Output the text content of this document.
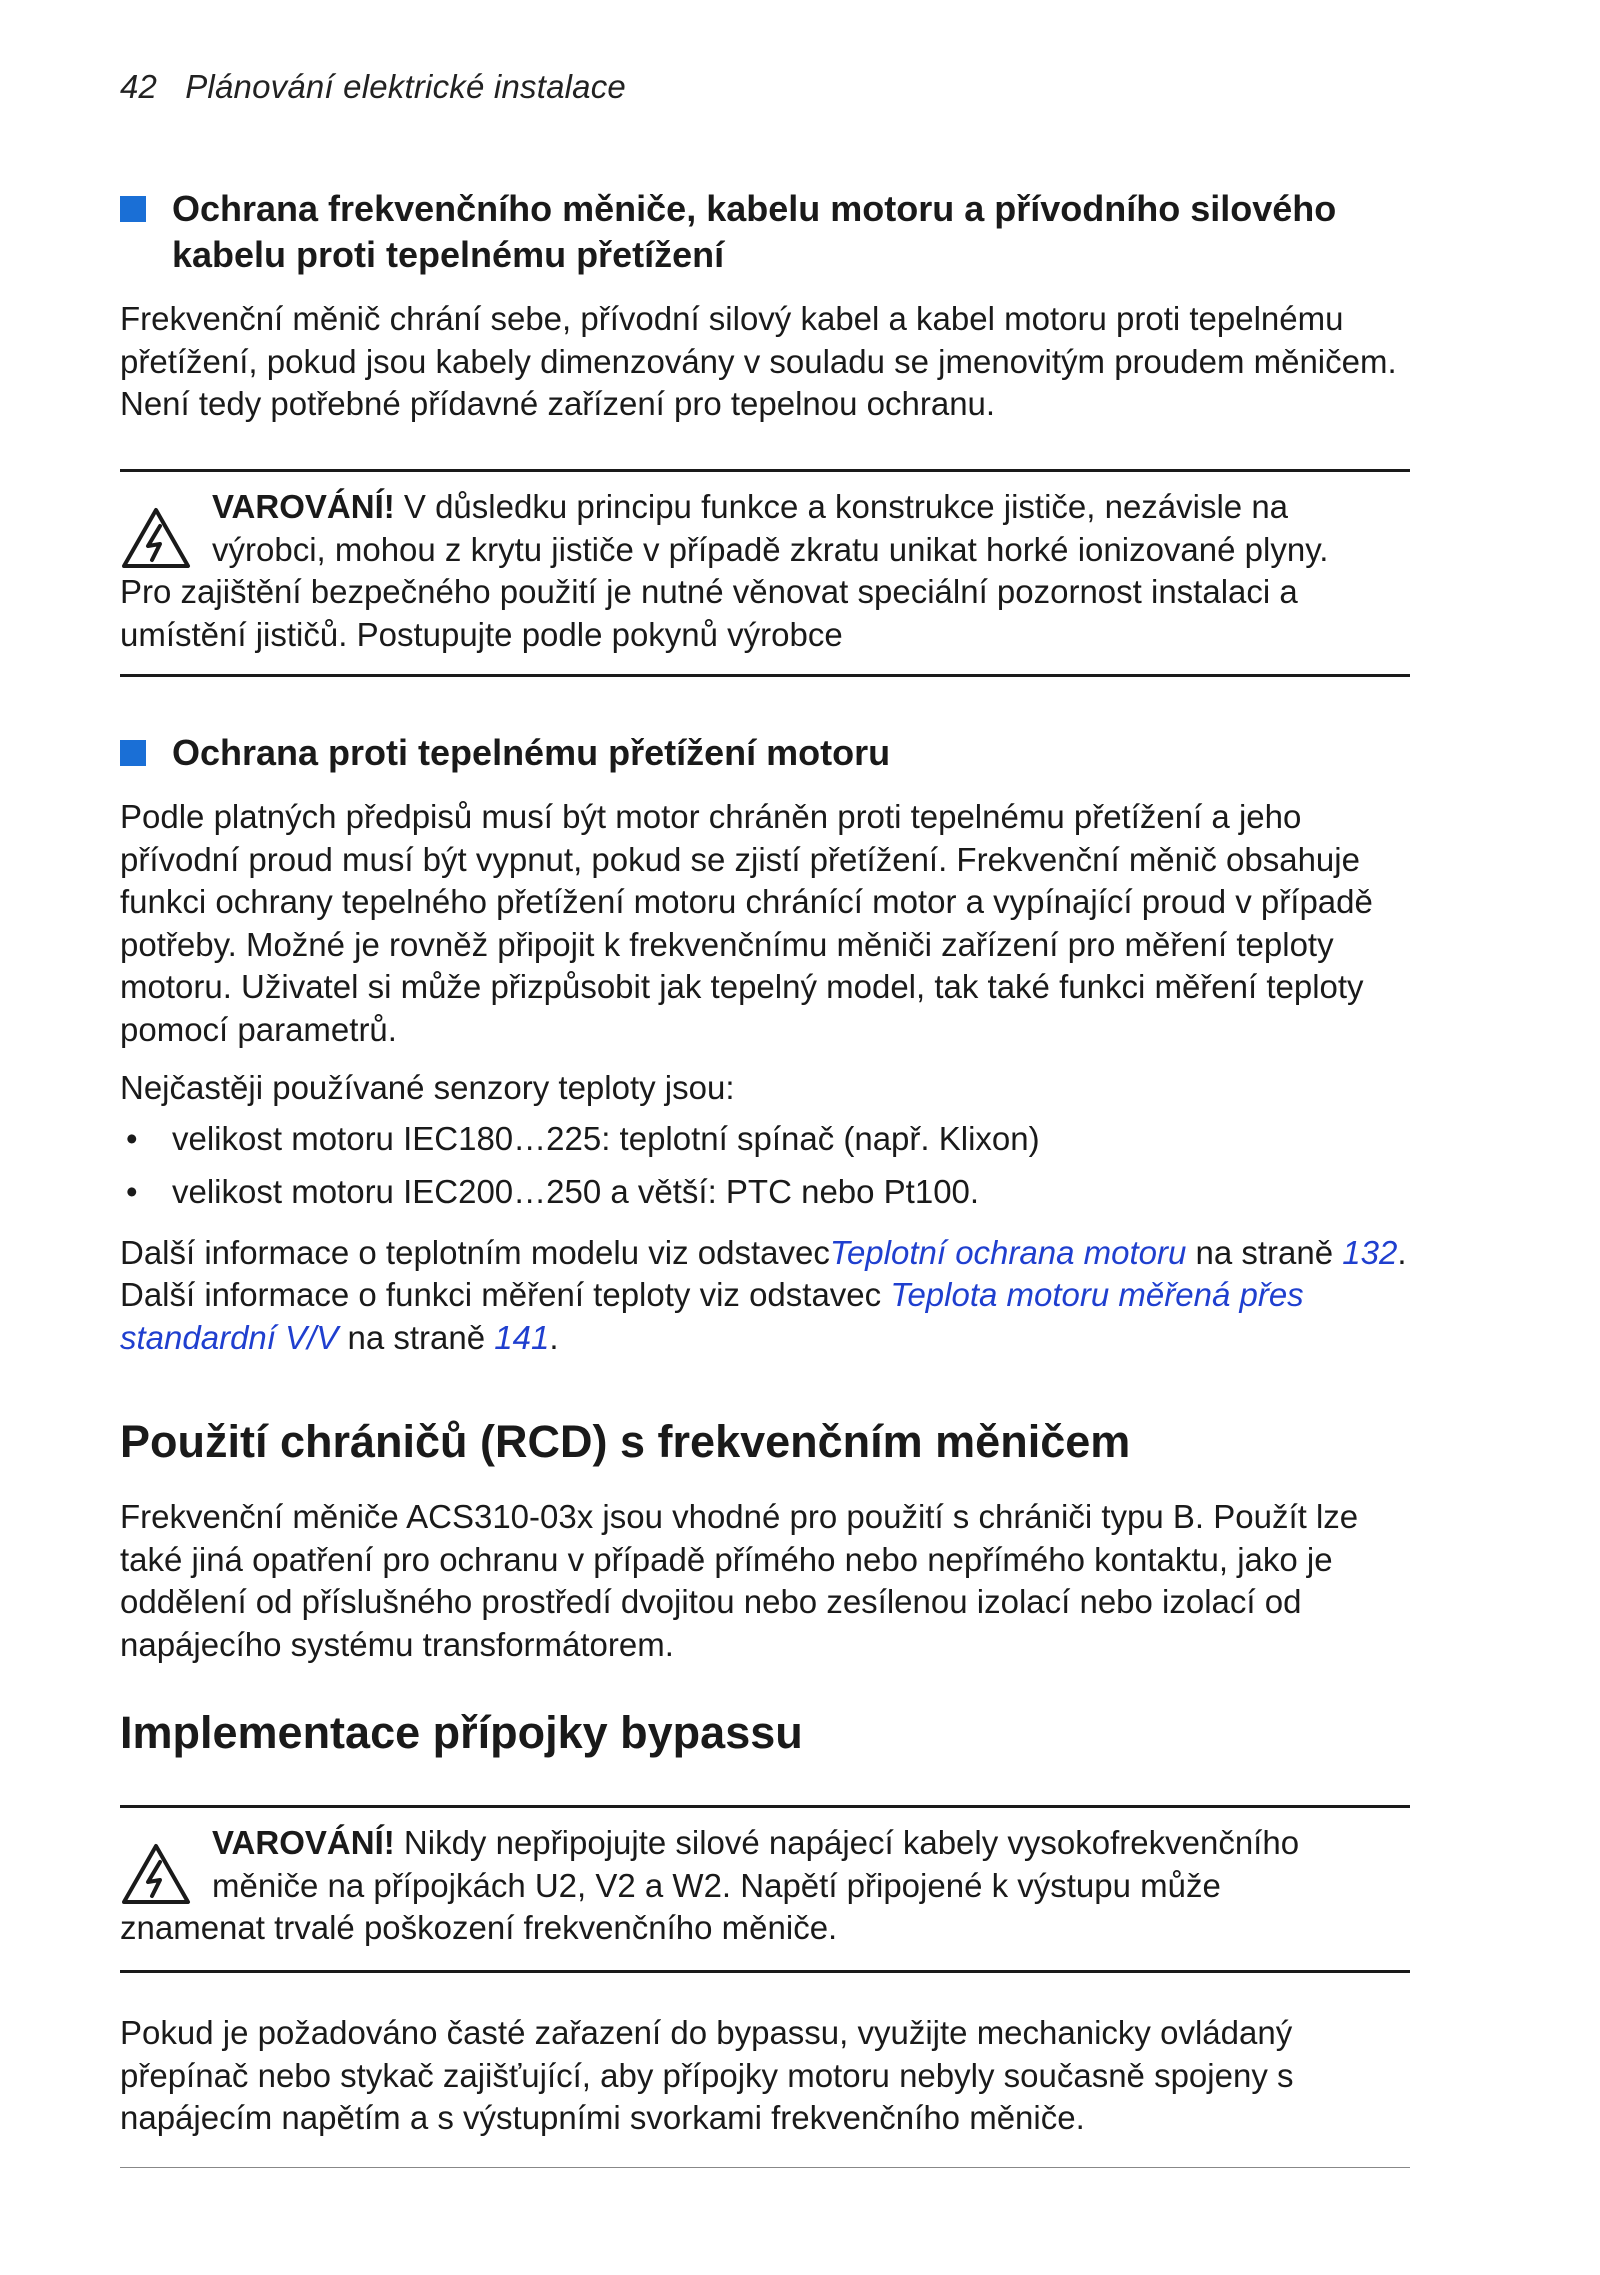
42 Plánování elektrické instalace
Ochrana frekvenčního měniče, kabelu motoru a přívodního silového kabelu proti tepelnému přetížení

Frekvenční měnič chrání sebe, přívodní silový kabel a kabel motoru proti tepelnému přetížení, pokud jsou kabely dimenzovány v souladu se jmenovitým proudem měničem. Není tedy potřebné přídavné zařízení pro tepelnou ochranu.

VAROVÁNÍ! V důsledku principu funkce a konstrukce jističe, nezávisle na výrobci, mohou z krytu jističe v případě zkratu unikat horké ionizované plyny.

Pro zajištění bezpečného použití je nutné věnovat speciální pozornost instalaci a umístění jističů. Postupujte podle pokynů výrobce

Ochrana proti tepelnému přetížení motoru

Podle platných předpisů musí být motor chráněn proti tepelnému přetížení a jeho přívodní proud musí být vypnut, pokud se zjistí přetížení. Frekvenční měnič obsahuje funkci ochrany tepelného přetížení motoru chránící motor a vypínající proud v případě potřeby. Možné je rovněž připojit k frekvenčnímu měniči zařízení pro měření teploty motoru. Uživatel si může přizpůsobit jak tepelný model, tak také funkci měření teploty pomocí parametrů.

Nejčastěji používané senzory teploty jsou:

• velikost motoru IEC180…225: teplotní spínač (např. Klixon)
• velikost motoru IEC200…250 a větší: PTC nebo Pt100.

Další informace o teplotním modelu viz odstavecTeplotní ochrana motoru na straně 132. Další informace o funkci měření teploty viz odstavec Teplota motoru měřená přes standardní V/V na straně 141.

Použití chráničů (RCD) s frekvenčním měničem

Frekvenční měniče ACS310-03x jsou vhodné pro použití s chrániči typu B. Použít lze také jiná opatření pro ochranu v případě přímého nebo nepřímého kontaktu, jako je oddělení od příslušného prostředí dvojitou nebo zesílenou izolací nebo izolací od napájecího systému transformátorem.

Implementace přípojky bypassu

VAROVÁNÍ! Nikdy nepřipojujte silové napájecí kabely vysokofrekvenčního měniče na přípojkách U2, V2 a W2. Napětí připojené k výstupu může

znamenat trvalé poškození frekvenčního měniče.

Pokud je požadováno časté zařazení do bypassu, využijte mechanicky ovládaný přepínač nebo stykač zajišťující, aby přípojky motoru nebyly současně spojeny s napájecím napětím a s výstupními svorkami frekvenčního měniče.
